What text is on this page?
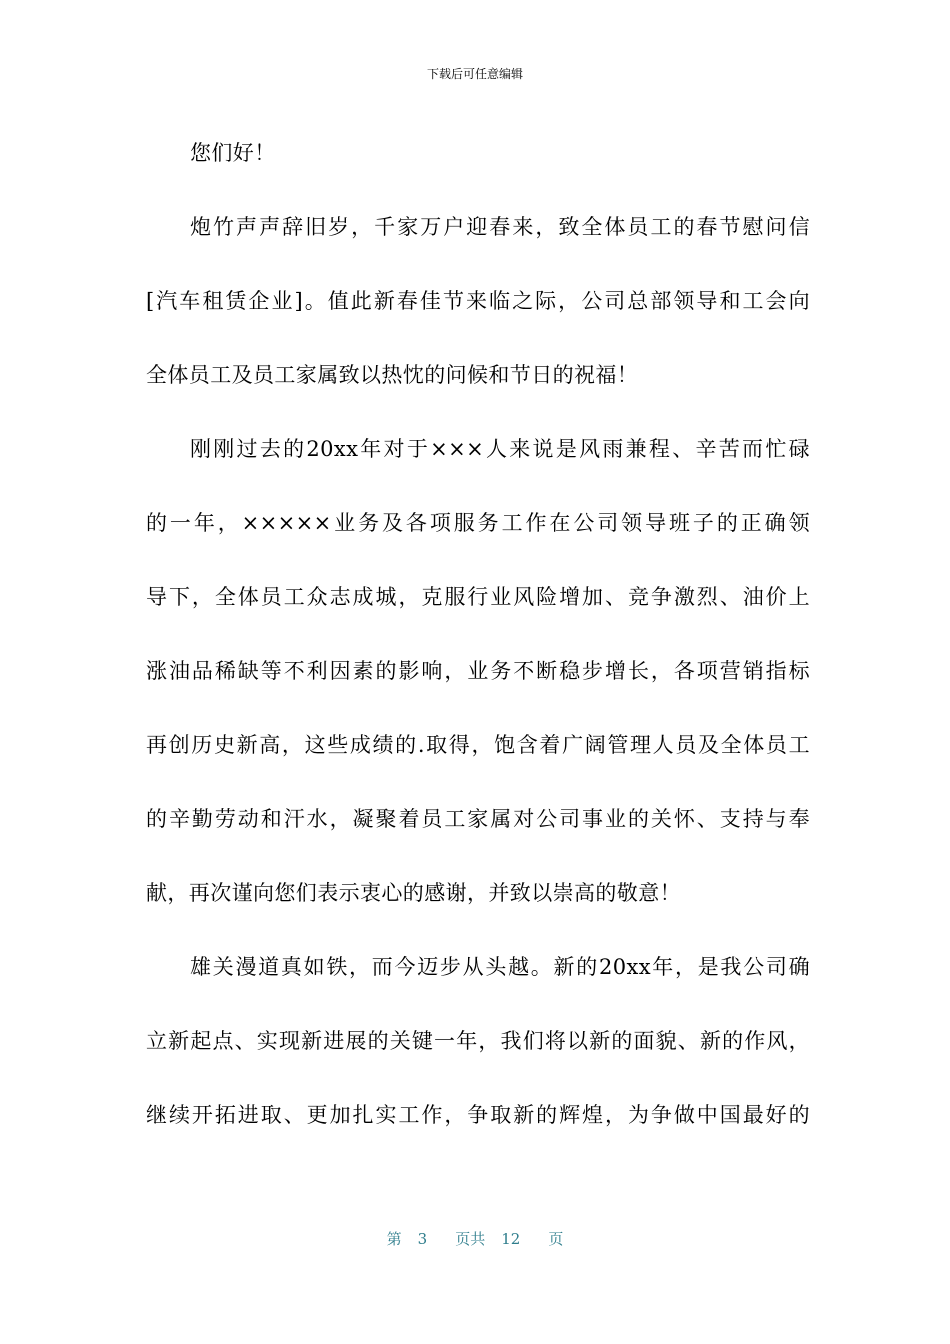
下载后可任意编辑
您们好！
炮竹声声辞旧岁，千家万户迎春来，致全体员工的春节慰问信
[汽车租赁企业]。值此新春佳节来临之际，公司总部领导和工会向
全体员工及员工家属致以热忱的问候和节日的祝福！
刚刚过去的20xx年对于×××人来说是风雨兼程、辛苦而忙碌
的一年，×××××业务及各项服务工作在公司领导班子的正确领
导下，全体员工众志成城，克服行业风险增加、竞争激烈、油价上
涨油品稀缺等不利因素的影响，业务不断稳步增长，各项营销指标
再创历史新高，这些成绩的.取得，饱含着广阔管理人员及全体员工
的辛勤劳动和汗水，凝聚着员工家属对公司事业的关怀、支持与奉
献，再次谨向您们表示衷心的感谢，并致以崇高的敬意！
雄关漫道真如铁，而今迈步从头越。新的20xx年，是我公司确
立新起点、实现新进展的关键一年，我们将以新的面貌、新的作风，
继续开拓进取、更加扎实工作，争取新的辉煌，为争做中国最好的
第 3 页共 12 页
